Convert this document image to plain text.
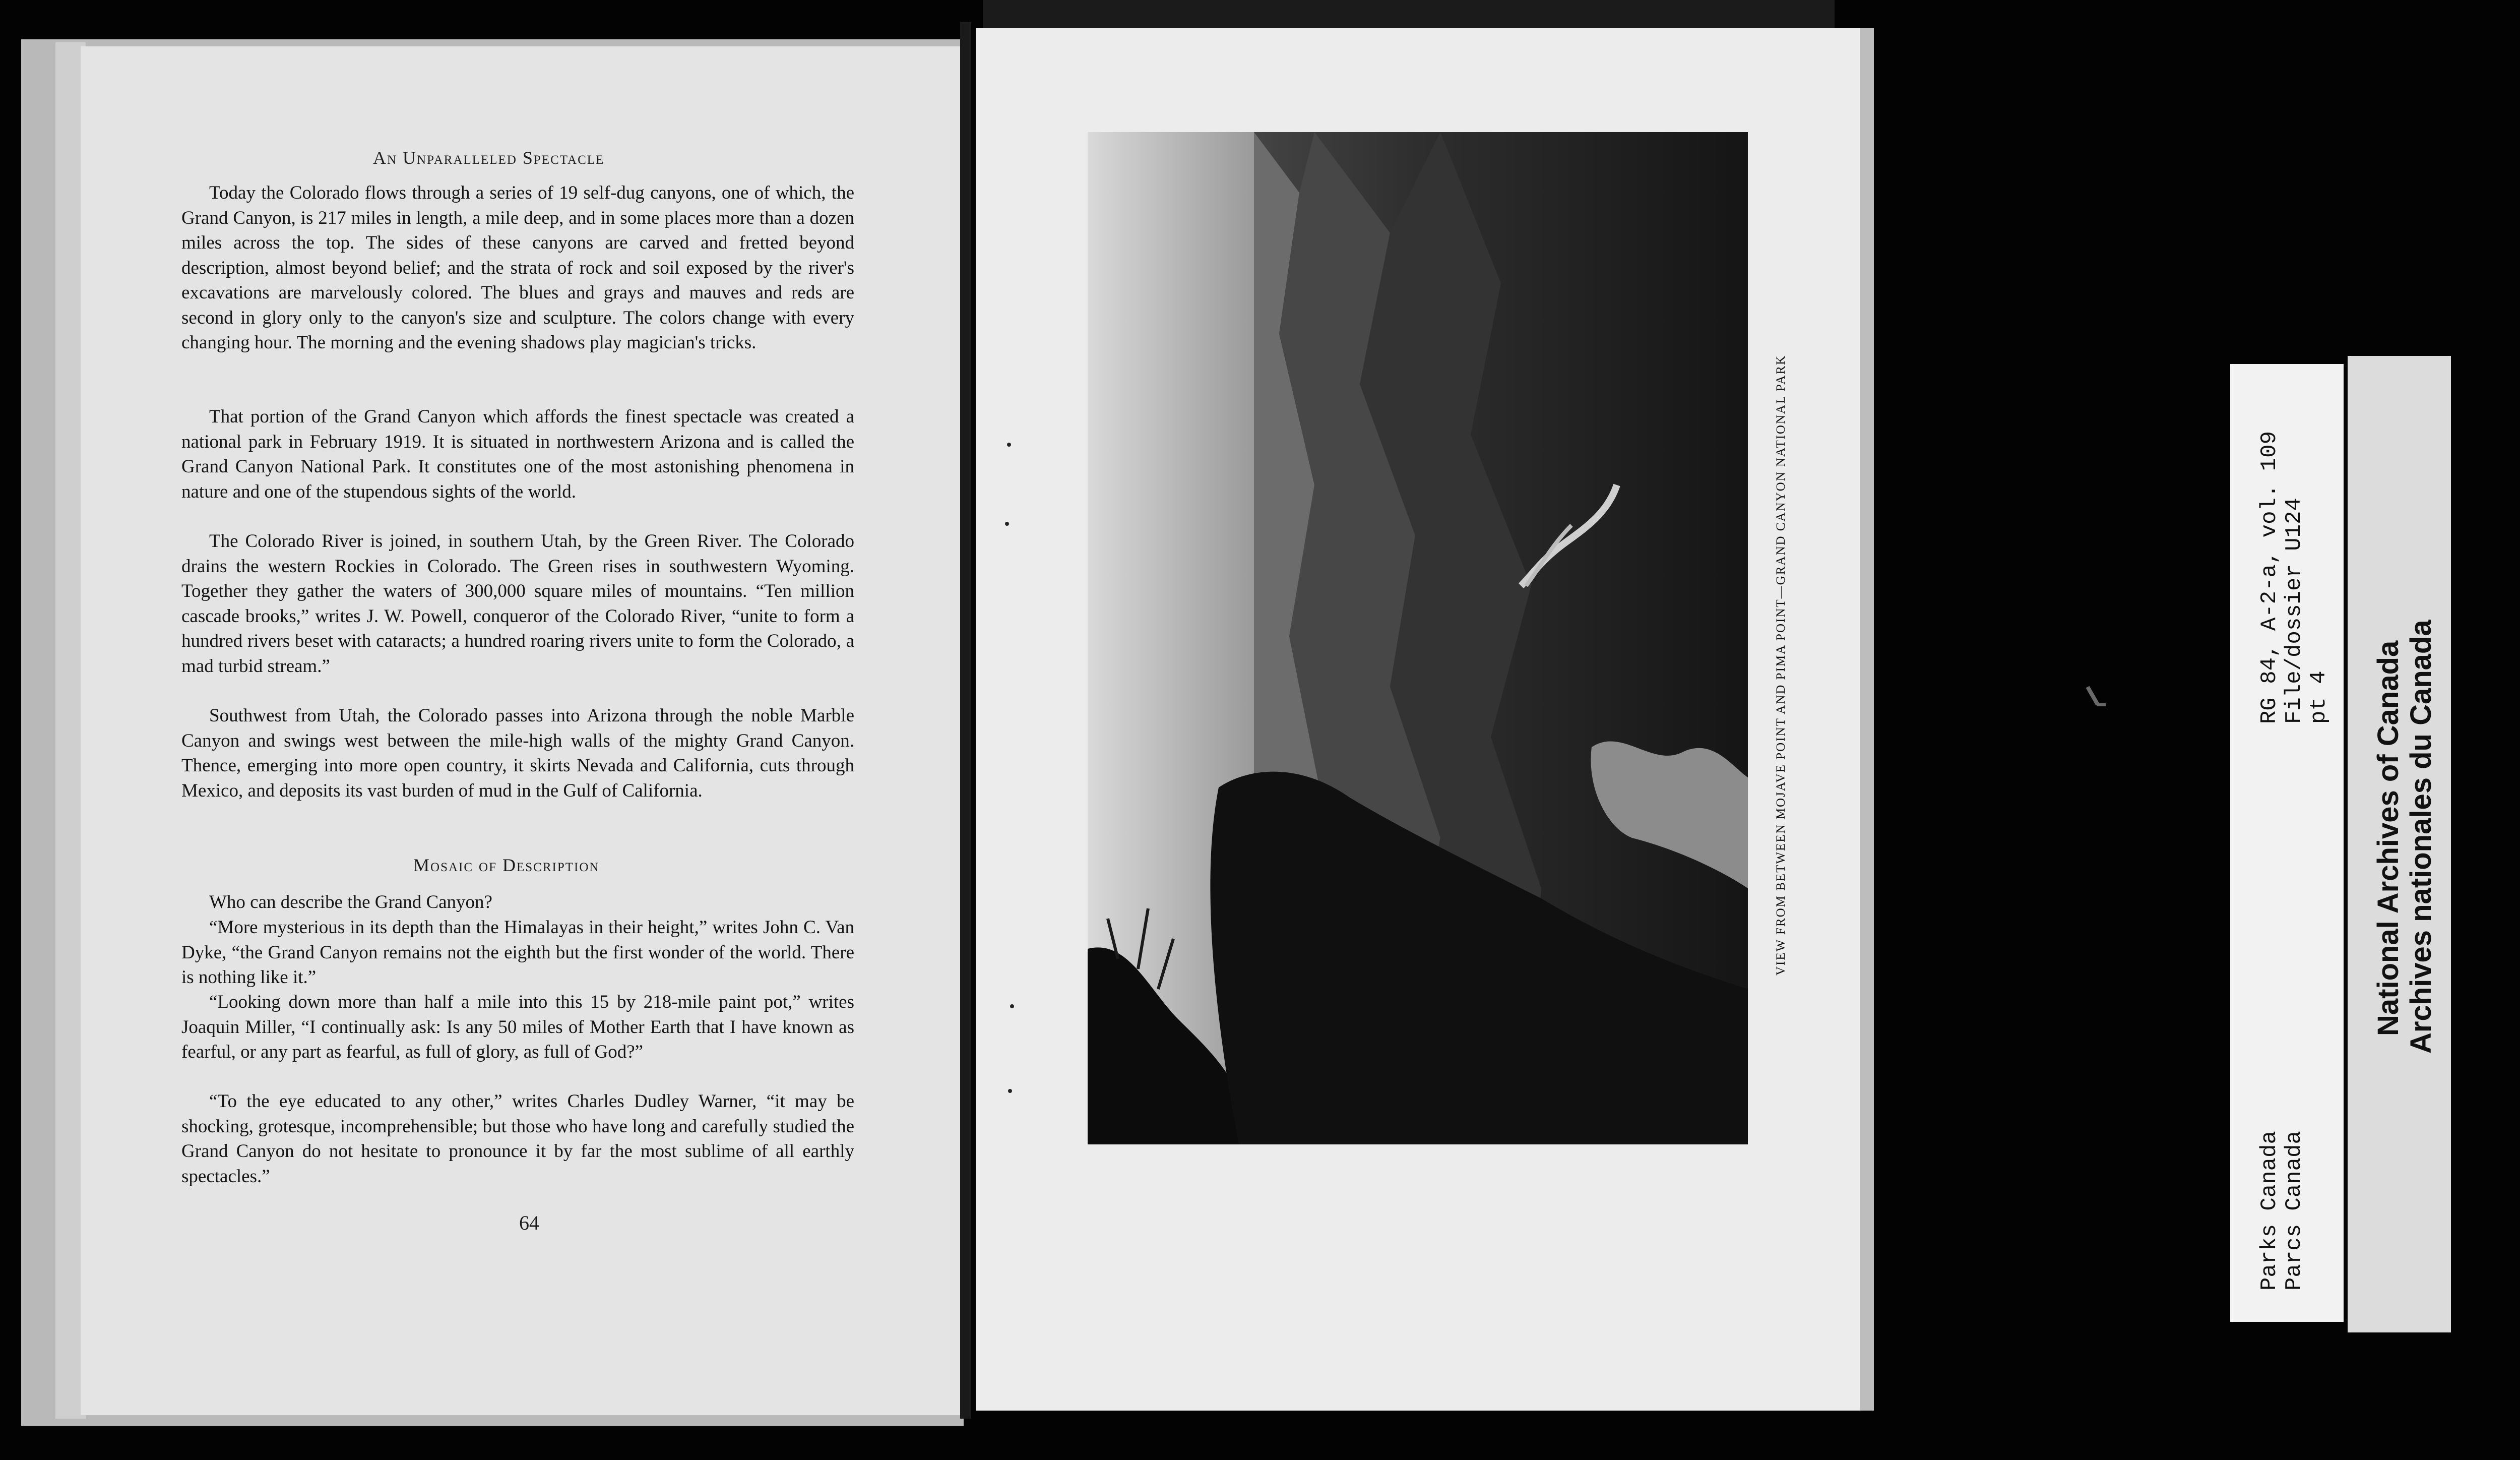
An Unparalleled Spectacle

Today the Colorado flows through a series of 19 self-dug canyons, one of which, the Grand Canyon, is 217 miles in length, a mile deep, and in some places more than a dozen miles across the top. The sides of these canyons are carved and fretted beyond description, almost beyond belief; and the strata of rock and soil exposed by the river's excavations are marvelously colored. The blues and grays and mauves and reds are second in glory only to the canyon's size and sculpture. The colors change with every changing hour. The morning and the evening shadows play magician's tricks.

That portion of the Grand Canyon which affords the finest spectacle was created a national park in February 1919. It is situated in northwestern Arizona and is called the Grand Canyon National Park. It constitutes one of the most astonishing phenomena in nature and one of the stupendous sights of the world.

The Colorado River is joined, in southern Utah, by the Green River. The Colorado drains the western Rockies in Colorado. The Green rises in southwestern Wyoming. Together they gather the waters of 300,000 square miles of mountains. “Ten million cascade brooks,” writes J. W. Powell, conqueror of the Colorado River, “unite to form a hundred rivers beset with cataracts; a hundred roaring rivers unite to form the Colorado, a mad turbid stream.”

Southwest from Utah, the Colorado passes into Arizona through the noble Marble Canyon and swings west between the mile-high walls of the mighty Grand Canyon. Thence, emerging into more open country, it skirts Nevada and California, cuts through Mexico, and deposits its vast burden of mud in the Gulf of California.

Mosaic of Description

Who can describe the Grand Canyon?

“More mysterious in its depth than the Himalayas in their height,” writes John C. Van Dyke, “the Grand Canyon remains not the eighth but the first wonder of the world. There is nothing like it.”

“Looking down more than half a mile into this 15 by 218-mile paint pot,” writes Joaquin Miller, “I continually ask: Is any 50 miles of Mother Earth that I have known as fearful, or any part as fearful, as full of glory, as full of God?”

“To the eye educated to any other,” writes Charles Dudley Warner, “it may be shocking, grotesque, incomprehensible; but those who have long and carefully studied the Grand Canyon do not hesitate to pronounce it by far the most sublime of all earthly spectacles.”

64
VIEW FROM BETWEEN MOJAVE POINT AND PIMA POINT—GRAND CANYON NATIONAL PARK	RG 84, A-2-a, vol. 109 File/dossier U124 pt 4
Parks Canada Parcs Canada
National Archives of Canada Archives nationales du Canada
